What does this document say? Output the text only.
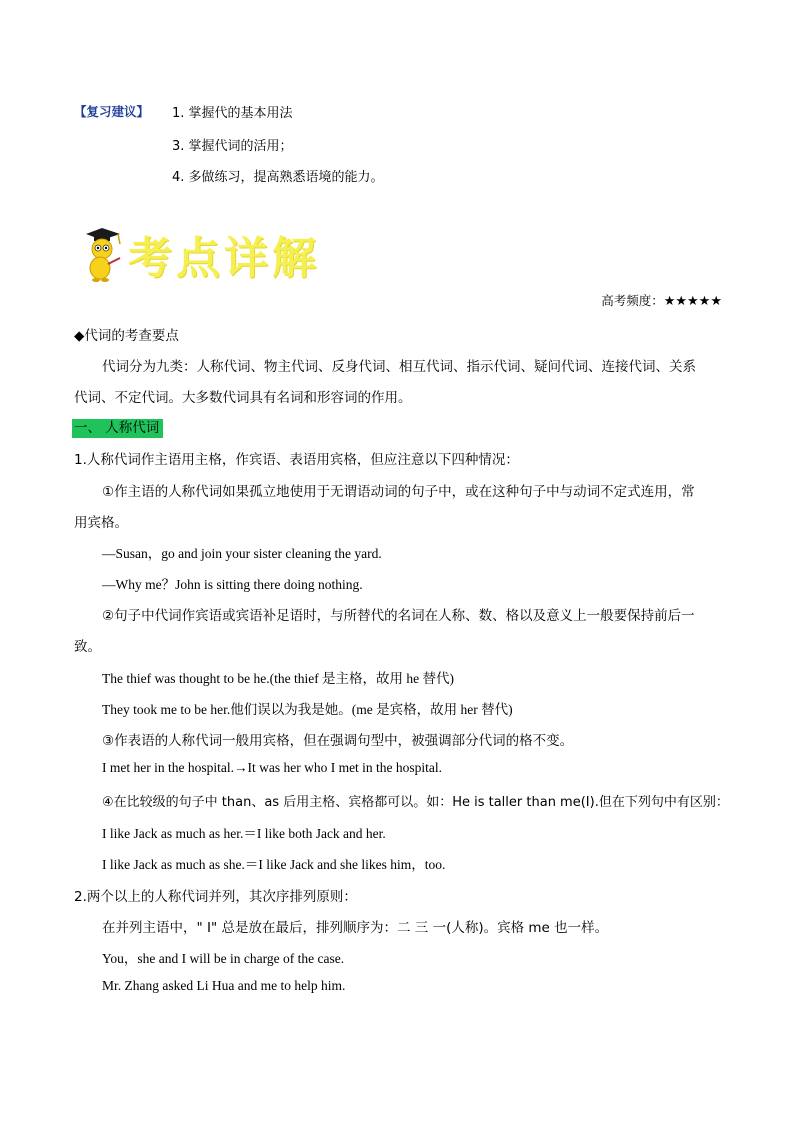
【复习建议】 1. 掌握代的基本用法
3. 掌握代词的活用；
4. 多做练习，提高熟悉语境的能力。
考点详解
高考频度：★★★★★
◆代词的考查要点
代词分为九类：人称代词、物主代词、反身代词、相互代词、指示代词、疑问代词、连接代词、关系
代词、不定代词。大多数代词具有名词和形容词的作用。
一、 人称代词
1.人称代词作主语用主格，作宾语、表语用宾格，但应注意以下四种情况：
①作主语的人称代词如果孤立地使用于无谓语动词的句子中，或在这种句子中与动词不定式连用，常
用宾格。
—Susan，go and join your sister cleaning the yard.
—Why me？John is sitting there doing nothing.
②句子中代词作宾语或宾语补足语时，与所替代的名词在人称、数、格以及意义上一般要保持前后一
致。
The thief was thought to be he.(the thief 是主格，故用 he 替代)
They took me to be her.他们误以为我是她。(me 是宾格，故用 her 替代)
③作表语的人称代词一般用宾格，但在强调句型中，被强调部分代词的格不变。
I met her in the hospital.→It was her who I met in the hospital.
④在比较级的句子中 than、as 后用主格、宾格都可以。如：He is taller than me(I).但在下列句中有区别：
I like Jack as much as her.＝I like both Jack and her.
I like Jack as much as she.＝I like Jack and she likes him，too.
2.两个以上的人称代词并列，其次序排列原则：
在并列主语中，" I" 总是放在最后，排列顺序为：二 三 一(人称)。宾格 me 也一样。
You，she and I will be in charge of the case.
Mr. Zhang asked Li Hua and me to help him.
